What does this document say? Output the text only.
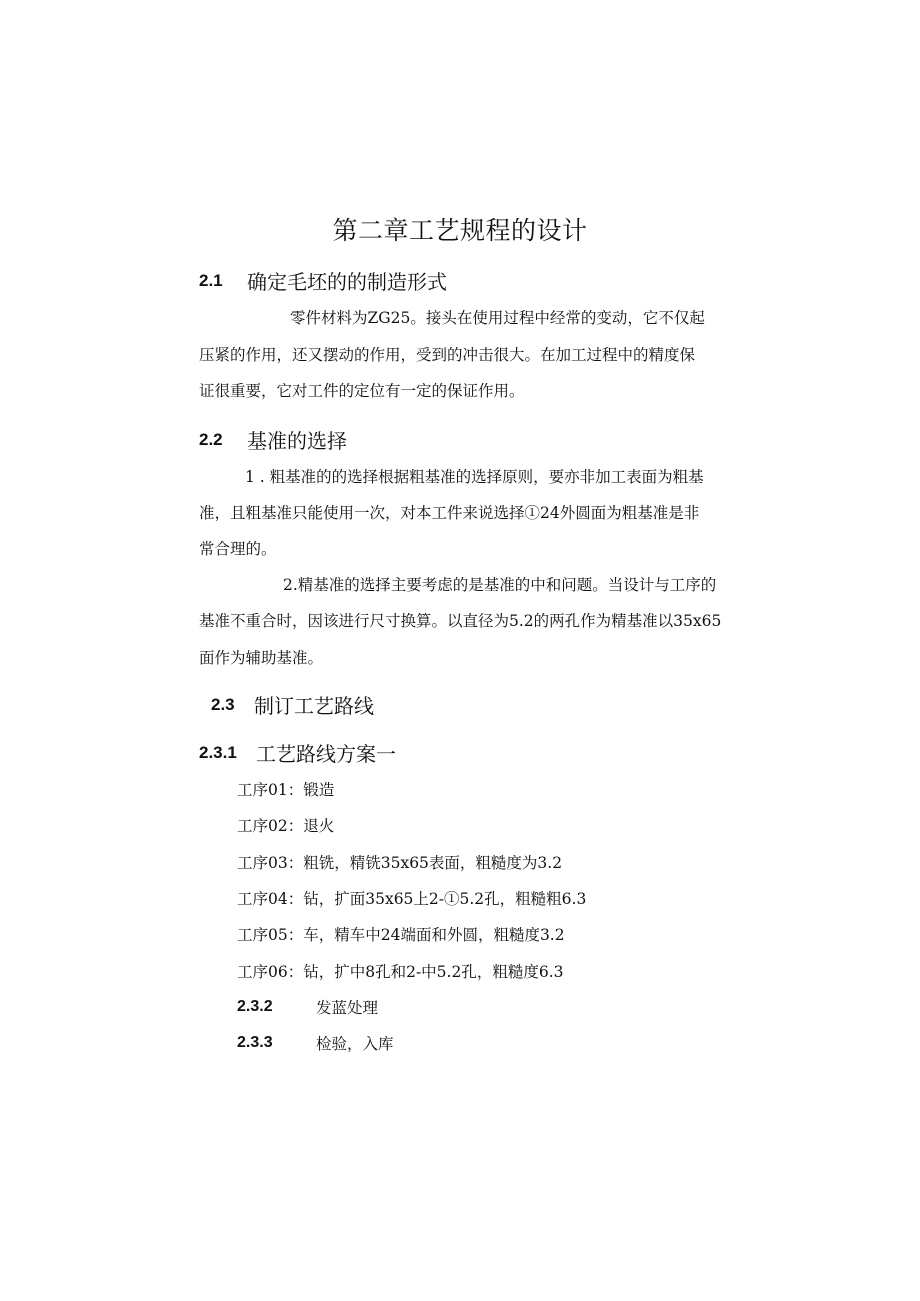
第二章工艺规程的设计
2.1 确定毛坯的的制造形式
零件材料为ZG25。接头在使用过程中经常的变动，它不仅起
压紧的作用，还又摆动的作用，受到的冲击很大。在加工过程中的精度保
证很重要，它对工件的定位有一定的保证作用。
2.2 基准的选择
1 . 粗基准的的选择根据粗基准的选择原则，要亦非加工表面为粗基
准，且粗基准只能使用一次，对本工件来说选择①24外圆面为粗基准是非
常合理的。
2.精基准的选择主要考虑的是基准的中和问题。当设计与工序的
基准不重合时，因该进行尺寸换算。以直径为5.2的两孔作为精基准以35x65
面作为辅助基准。
2.3 制订工艺路线
2.3.1 工艺路线方案一
工序01：锻造
工序02：退火
工序03：粗铣，精铣35x65表面，粗糙度为3.2
工序04：钻，扩面35x65上2-①5.2孔，粗糙粗6.3
工序05：车，精车中24端面和外圆，粗糙度3.2
工序06：钻，扩中8孔和2-中5.2孔，粗糙度6.3
2.3.2	发蓝处理
2.3.3	检验，入库
